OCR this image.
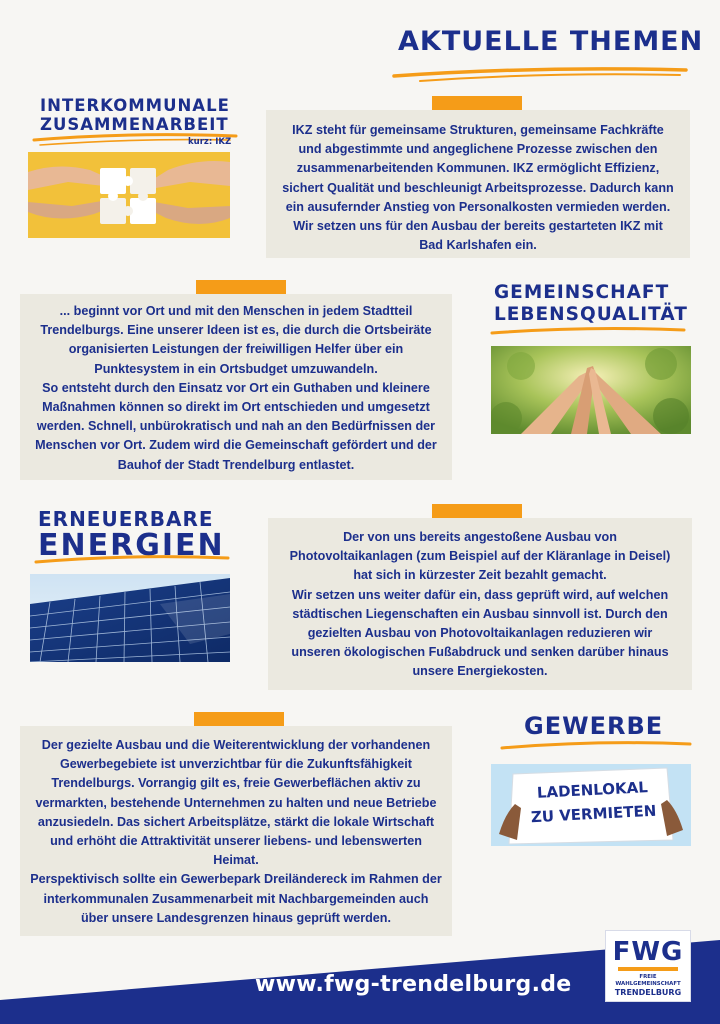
AKTUELLE THEMEN
INTERKOMMUNALE
ZUSAMMENARBEIT
kurz: IKZ

IKZ steht für gemeinsame Strukturen, gemeinsame Fachkräfte und abgestimmte und angeglichene Prozesse zwischen den zusammenarbeitenden Kommunen. IKZ ermöglicht Effizienz, sichert Qualität und beschleunigt Arbeitsprozesse. Dadurch kann ein ausufernder Anstieg von Personalkosten vermieden werden. Wir setzen uns für den Ausbau der bereits gestarteten IKZ mit Bad Karlshafen ein.

... beginnt vor Ort und mit den Menschen in jedem Stadtteil Trendelburgs. Eine unserer Ideen ist es, die durch die Ortsbeiräte organisierten Leistungen der freiwilligen Helfer über ein Punktesystem in ein Ortsbudget umzuwandeln.

So entsteht durch den Einsatz vor Ort ein Guthaben und kleinere Maßnahmen können so direkt im Ort entschieden und umgesetzt werden. Schnell, unbürokratisch und nah an den Bedürfnissen der Menschen vor Ort. Zudem wird die Gemeinschaft gefördert und der Bauhof der Stadt Trendelburg entlastet.

GEMEINSCHAFT
LEBENSQUALITÄT
ERNEUERBARE
ENERGIEN	Der von uns bereits angestoßene Ausbau von Photovoltaikanlagen (zum Beispiel auf der Kläranlage in Deisel) hat sich in kürzester Zeit bezahlt gemacht.

Wir setzen uns weiter dafür ein, dass geprüft wird, auf welchen städtischen Liegenschaften ein Ausbau sinnvoll ist. Durch den gezielten Ausbau von Photovoltaikanlagen reduzieren wir unseren ökologischen Fußabdruck und senken darüber hinaus unsere Energiekosten.

Der gezielte Ausbau und die Weiterentwicklung der vorhandenen Gewerbegebiete ist unverzichtbar für die Zukunftsfähigkeit Trendelburgs. Vorrangig gilt es, freie Gewerbeflächen aktiv zu vermarkten, bestehende Unternehmen zu halten und neue Betriebe anzusiedeln. Das sichert Arbeitsplätze, stärkt die lokale Wirtschaft und erhöht die Attraktivität unserer liebens- und lebenswerten Heimat.

Perspektivisch sollte ein Gewerbepark Dreiländereck im Rahmen der interkommunalen Zusammenarbeit mit Nachbargemeinden auch über unsere Landesgrenzen hinaus geprüft werden.

GEWERBE
LADENLOKAL
ZU VERMIETEN
www.fwg-trendelburg.de
FWG
FREIE WAHLGEMEINSCHAFT
TRENDELBURG
